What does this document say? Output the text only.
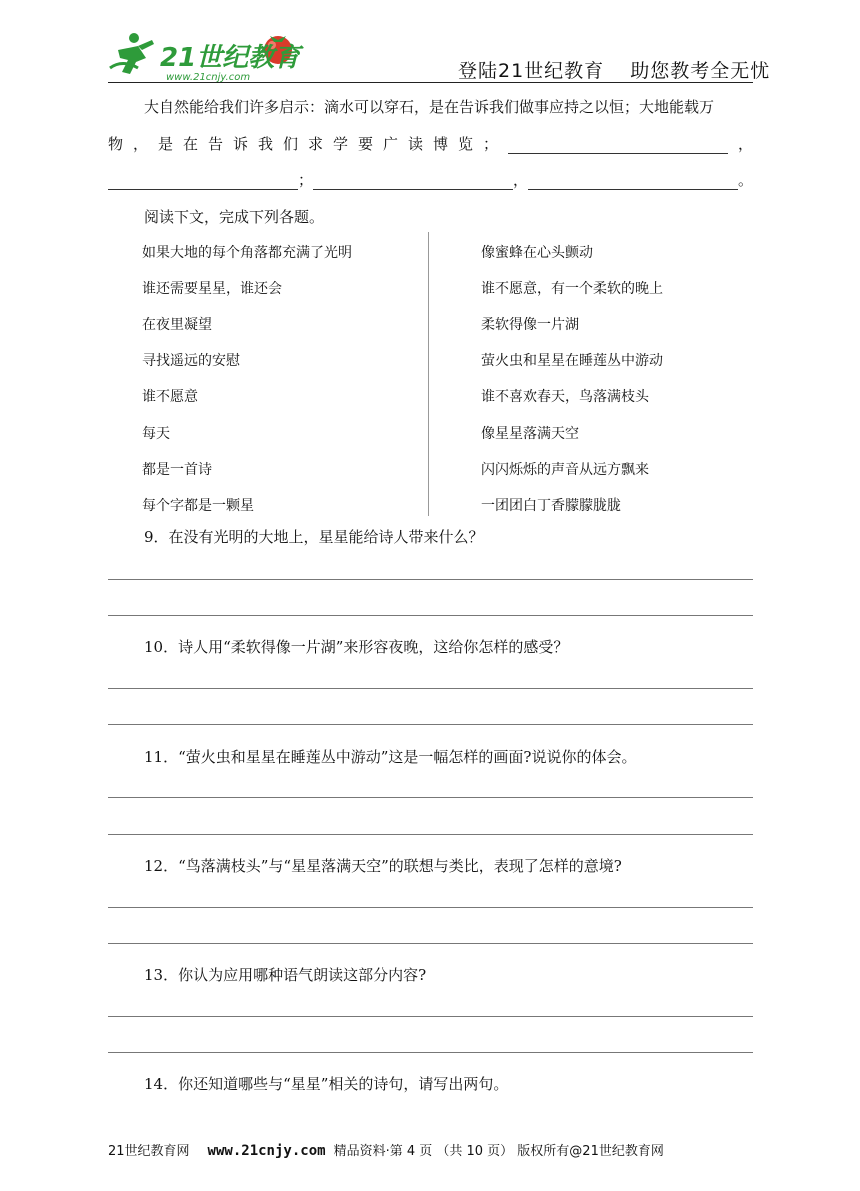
21世纪教育
www.21cnjy.com	登陆21世纪教育 助您教考全无忧
大自然能给我们许多启示：滴水可以穿石，是在告诉我们做事应持之以恒；大地能载万
物 ， 是 在 告 诉 我 们 求 学 要 广 读 博 览 ；	，
；	，	。
阅读下文，完成下列各题。
如果大地的每个角落都充满了光明
谁还需要星星，谁还会
在夜里凝望
寻找遥远的安慰
谁不愿意
每天
都是一首诗
每个字都是一颗星
像蜜蜂在心头颤动
谁不愿意，有一个柔软的晚上
柔软得像一片湖
萤火虫和星星在睡莲丛中游动
谁不喜欢春天，鸟落满枝头
像星星落满天空
闪闪烁烁的声音从远方飘来
一团团白丁香朦朦胧胧
9．在没有光明的大地上，星星能给诗人带来什么？
10．诗人用“柔软得像一片湖”来形容夜晚，这给你怎样的感受？
11．“萤火虫和星星在睡莲丛中游动”这是一幅怎样的画面?说说你的体会。
12．“鸟落满枝头”与“星星落满天空”的联想与类比，表现了怎样的意境?
13．你认为应用哪种语气朗读这部分内容?
14．你还知道哪些与“星星”相关的诗句，请写出两句。
21世纪教育网 www.21cnjy.com 精品资料·第 4 页 （共 10 页） 版权所有@21世纪教育网
